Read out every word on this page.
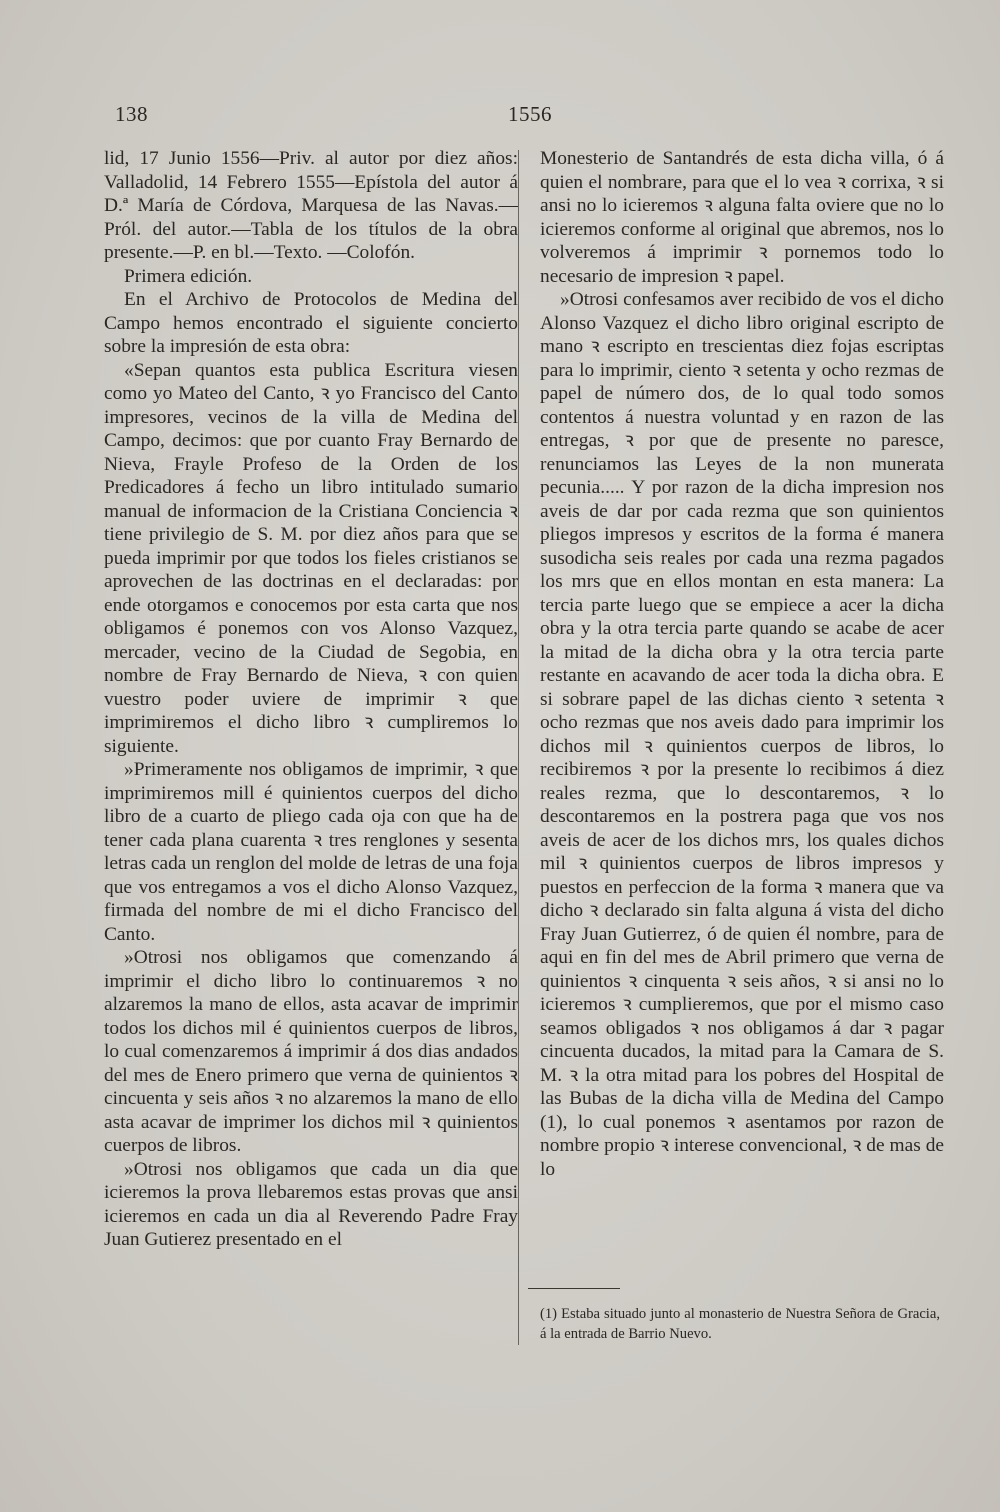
138	1556

lid, 17 Junio 1556—Priv. al autor por diez años: Valladolid, 14 Febrero 1555—Epístola del autor á D.ª María de Córdova, Marquesa de las Navas.—Pról. del autor.—Tabla de los títulos de la obra presente.—P. en bl.—Texto. —Colofón.

Primera edición.

En el Archivo de Protocolos de Medina del Campo hemos encontrado el siguiente concierto sobre la impresión de esta obra:

«Sepan quantos esta publica Escritura viesen como yo Mateo del Canto, ꝛ yo Francisco del Canto impresores, vecinos de la villa de Medina del Campo, decimos: que por cuanto Fray Bernardo de Nieva, Frayle Profeso de la Orden de los Predicadores á fecho un libro intitulado sumario manual de informacion de la Cristiana Conciencia ꝛ tiene privilegio de S. M. por diez años para que se pueda imprimir por que todos los fieles cristianos se aprovechen de las doctrinas en el declaradas: por ende otorgamos e conocemos por esta carta que nos obligamos é ponemos con vos Alonso Vazquez, mercader, vecino de la Ciudad de Segobia, en nombre de Fray Bernardo de Nieva, ꝛ con quien vuestro poder uviere de imprimir ꝛ que imprimiremos el dicho libro ꝛ cumpliremos lo siguiente.

»Primeramente nos obligamos de imprimir, ꝛ que imprimiremos mill é quinientos cuerpos del dicho libro de a cuarto de pliego cada oja con que ha de tener cada plana cuarenta ꝛ tres renglones y sesenta letras cada un renglon del molde de letras de una foja que vos entregamos a vos el dicho Alonso Vazquez, firmada del nombre de mi el dicho Francisco del Canto.

»Otrosi nos obligamos que comenzando á imprimir el dicho libro lo continuaremos ꝛ no alzaremos la mano de ellos, asta acavar de imprimir todos los dichos mil é quinientos cuerpos de libros, lo cual comenzaremos á imprimir á dos dias andados del mes de Enero primero que verna de quinientos ꝛ cincuenta y seis años ꝛ no alzaremos la mano de ello asta acavar de imprimer los dichos mil ꝛ quinientos cuerpos de libros.

»Otrosi nos obligamos que cada un dia que icieremos la prova llebaremos estas provas que ansi icieremos en cada un dia al Reverendo Padre Fray Juan Gutierez presentado en el

Monesterio de Santandrés de esta dicha villa, ó á quien el nombrare, para que el lo vea ꝛ corrixa, ꝛ si ansi no lo icieremos ꝛ alguna falta oviere que no lo icieremos conforme al original que abremos, nos lo volveremos á imprimir ꝛ pornemos todo lo necesario de impresion ꝛ papel.

»Otrosi confesamos aver recibido de vos el dicho Alonso Vazquez el dicho libro original escripto de mano ꝛ escripto en trescientas diez fojas escriptas para lo imprimir, ciento ꝛ setenta y ocho rezmas de papel de número dos, de lo qual todo somos contentos á nuestra voluntad y en razon de las entregas, ꝛ por que de presente no paresce, renunciamos las Leyes de la non munerata pecunia..... Y por razon de la dicha impresion nos aveis de dar por cada rezma que son quinientos pliegos impresos y escritos de la forma é manera susodicha seis reales por cada una rezma pagados los mrs que en ellos montan en esta manera: La tercia parte luego que se empiece a acer la dicha obra y la otra tercia parte quando se acabe de acer la mitad de la dicha obra y la otra tercia parte restante en acavando de acer toda la dicha obra. E si sobrare papel de las dichas ciento ꝛ setenta ꝛ ocho rezmas que nos aveis dado para imprimir los dichos mil ꝛ quinientos cuerpos de libros, lo recibiremos ꝛ por la presente lo recibimos á diez reales rezma, que lo descontaremos, ꝛ lo descontaremos en la postrera paga que vos nos aveis de acer de los dichos mrs, los quales dichos mil ꝛ quinientos cuerpos de libros impresos y puestos en perfeccion de la forma ꝛ manera que va dicho ꝛ declarado sin falta alguna á vista del dicho Fray Juan Gutierrez, ó de quien él nombre, para de aqui en fin del mes de Abril primero que verna de quinientos ꝛ cinquenta ꝛ seis años, ꝛ si ansi no lo icieremos ꝛ cumplieremos, que por el mismo caso seamos obligados ꝛ nos obligamos á dar ꝛ pagar cincuenta ducados, la mitad para la Camara de S. M. ꝛ la otra mitad para los pobres del Hospital de las Bubas de la dicha villa de Medina del Campo (1), lo cual ponemos ꝛ asentamos por razon de nombre propio ꝛ interese convencional, ꝛ de mas de lo

(1) Estaba situado junto al monasterio de Nuestra Señora de Gracia, á la entrada de Barrio Nuevo.
